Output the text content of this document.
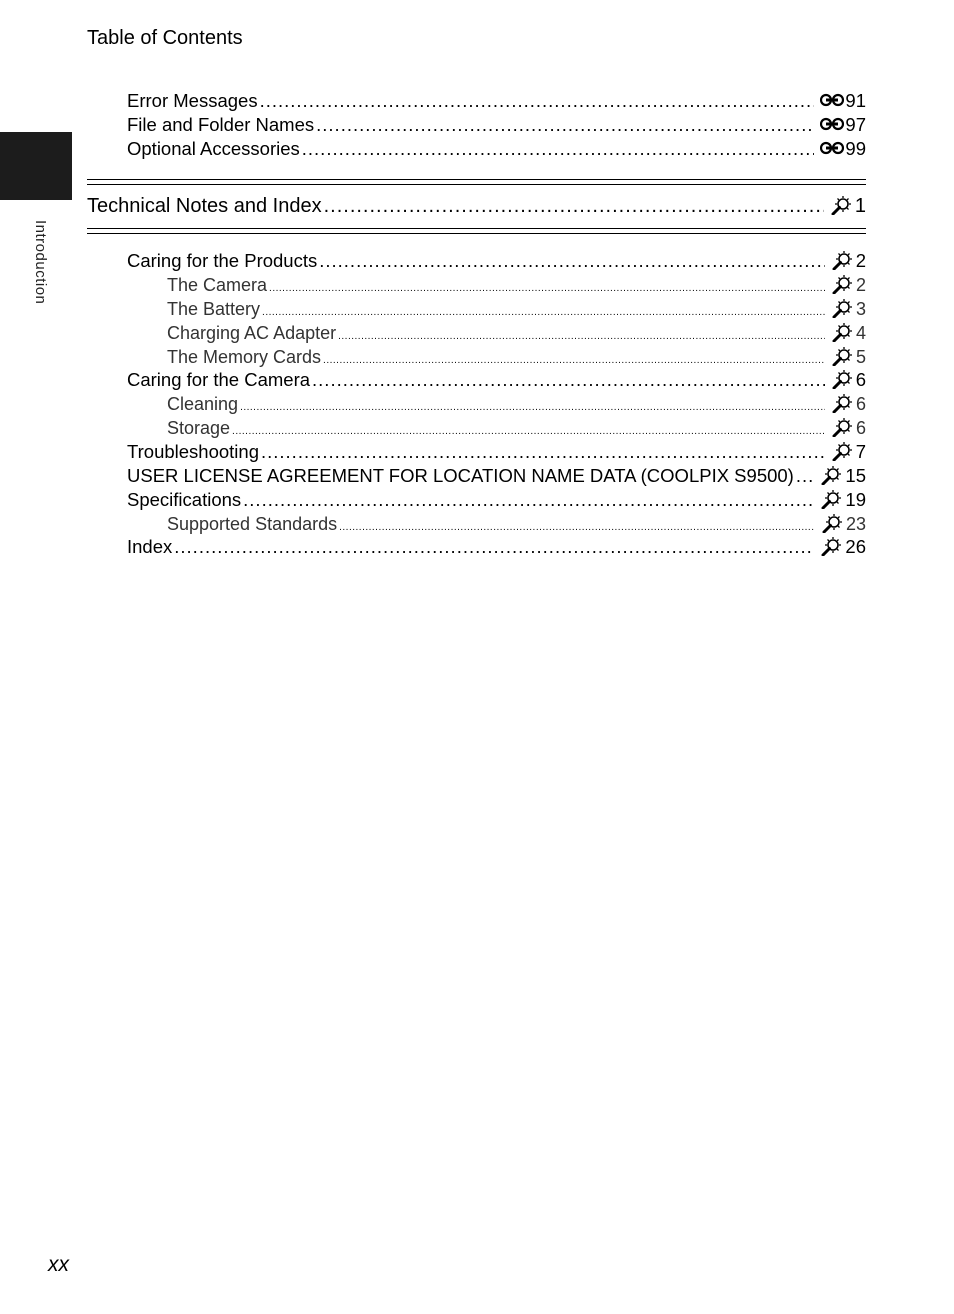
Table of Contents
Introduction
Error Messages .....	91
File and Folder Names .....	97
Optional Accessories .....	99
Technical Notes and Index .....	1
Caring for the Products .....	2
The Camera .....	2
The Battery .....	3
Charging AC Adapter .....	4
The Memory Cards .....	5
Caring for the Camera .....	6
Cleaning .....	6
Storage .....	6
Troubleshooting .....	7
USER LICENSE AGREEMENT FOR LOCATION NAME DATA (COOLPIX S9500) .....	15
Specifications .....	19
Supported Standards .....	23
Index .....	26
xx
